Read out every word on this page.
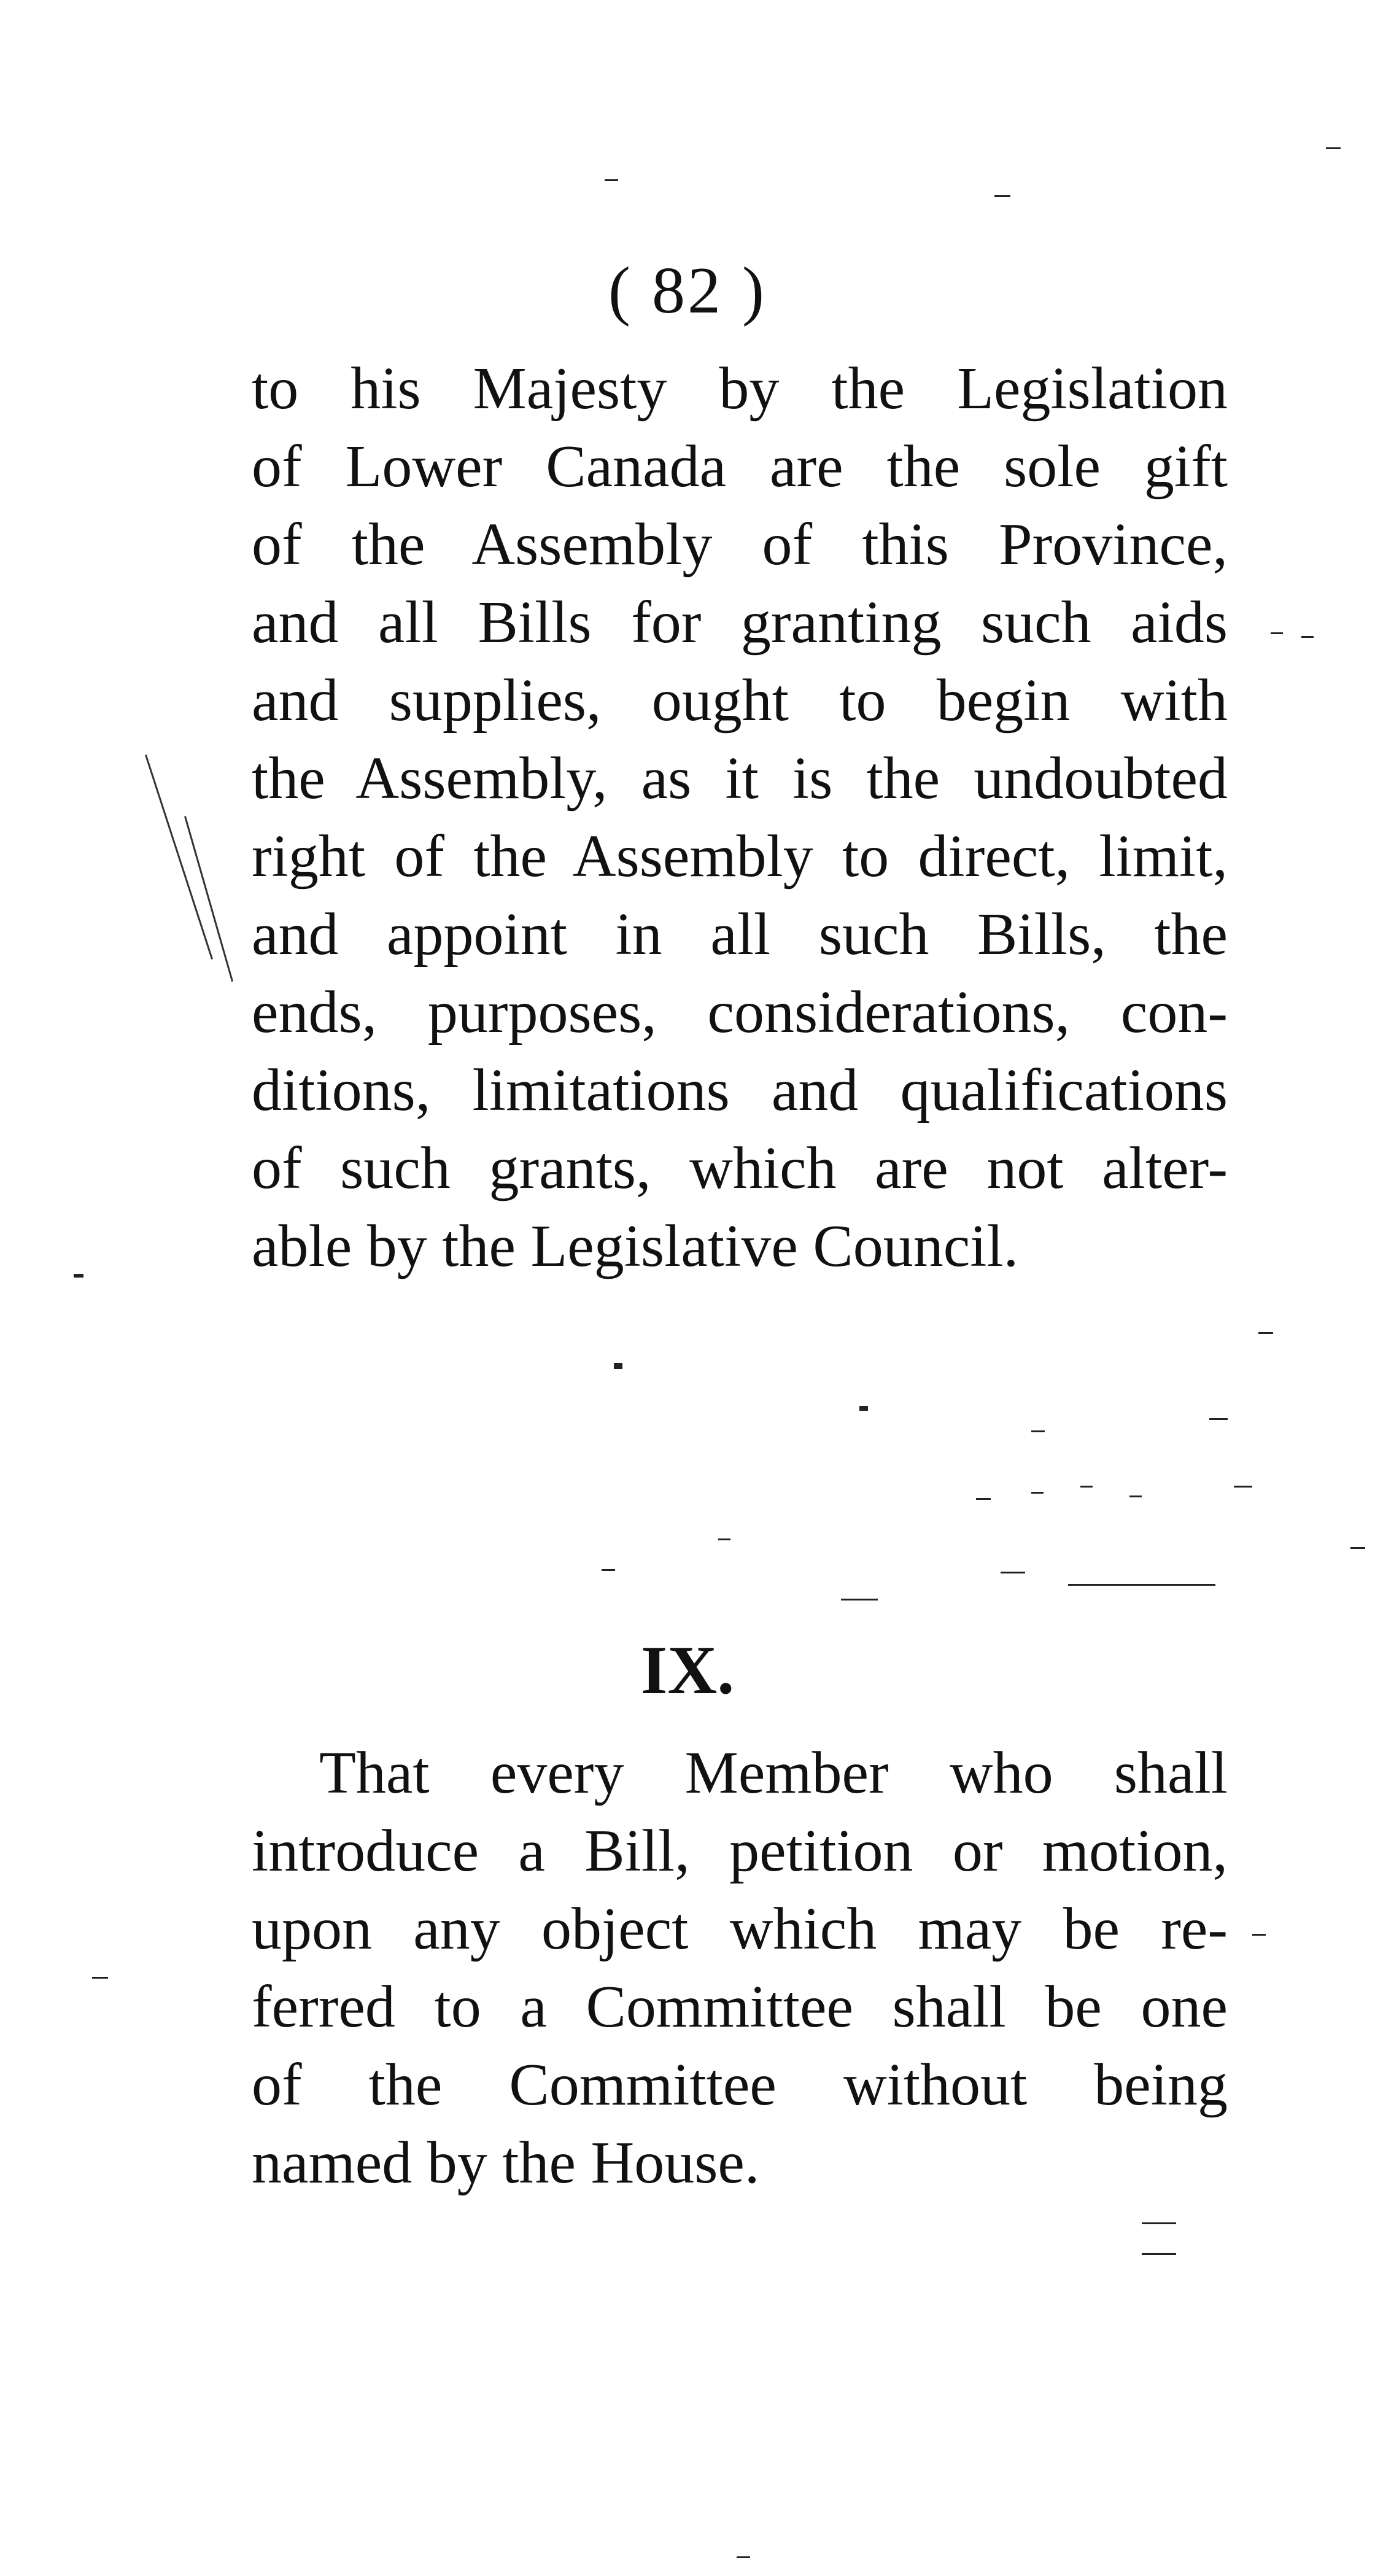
( 82 )
to his Majesty by the Legislation
of Lower Canada are the sole gift
of the Assembly of this Province,
and all Bills for granting such aids
and supplies, ought to begin with
the Assembly, as it is the undoubted
right of the Assembly to direct, limit,
and appoint in all such Bills, the
ends, purposes, considerations, con-
ditions, limitations and qualifications
of such grants, which are not alter-
able by the Legislative Council.
IX.
That every Member who shall
introduce a Bill, petition or motion,
upon any object which may be re-
ferred to a Committee shall be one
of the Committee without being
named by the House.
